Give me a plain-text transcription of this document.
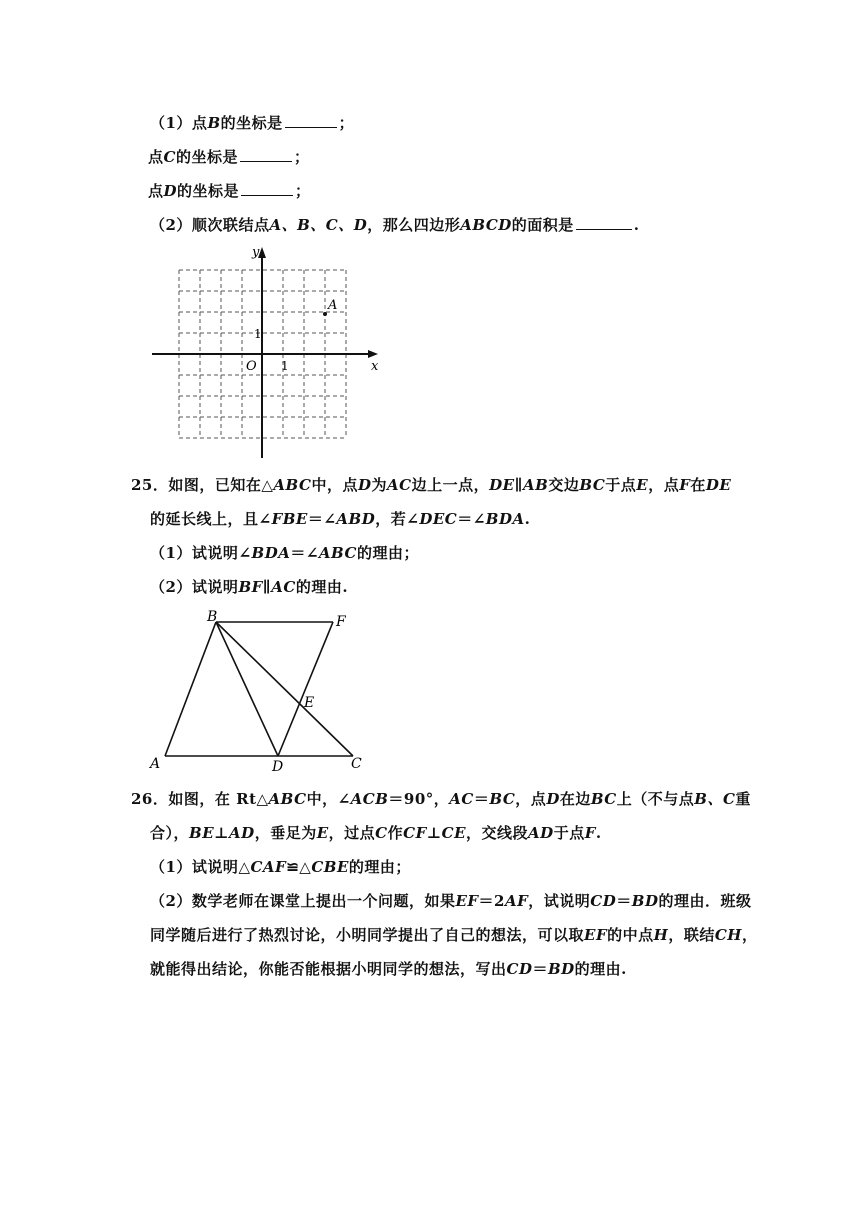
（1）点B的坐标是	；
点C的坐标是	；
点D的坐标是	；
（2）顺次联结点A、B、C、D，那么四边形ABCD的面积是	.
y
x
O 1
1
A
25．如图，已知在△ABC中，点D为AC边上一点，DE∥AB交边BC于点E，点F在DE
的延长线上，且∠FBE＝∠ABD，若∠DEC＝∠BDA.
（1）试说明∠BDA＝∠ABC的理由；
（2）试说明BF∥AC的理由.
A
B
C
D
E
F
26．如图，在 Rt△ABC中，∠ACB＝90°，AC＝BC，点D在边BC上（不与点B、C重
合），BE⊥AD，垂足为E，过点C作CF⊥CE，交线段AD于点F.
（1）试说明△CAF≌△CBE的理由；
（2）数学老师在课堂上提出一个问题，如果EF＝2AF，试说明CD＝BD的理由．班级
同学随后进行了热烈讨论，小明同学提出了自己的想法，可以取EF的中点H，联结CH，
就能得出结论，你能否能根据小明同学的想法，写出CD＝BD的理由.
